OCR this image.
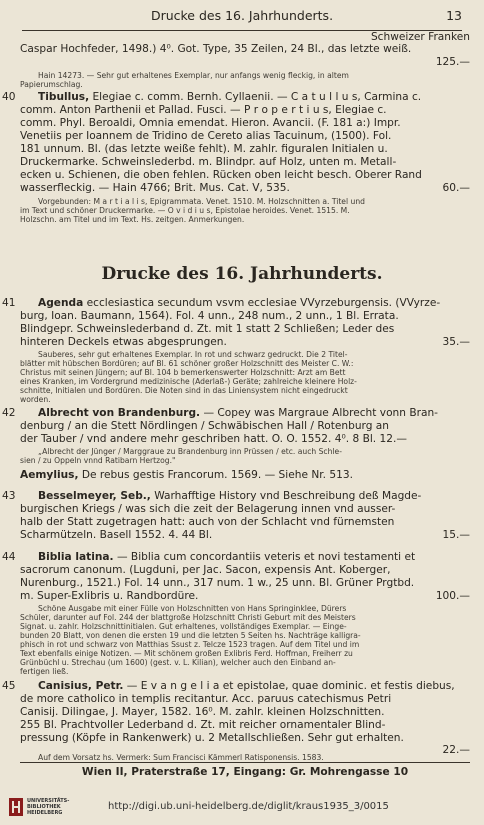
Drucke des 16. Jahrhunderts.	13
Schweizer Franken
Caspar Hochfeder, 1498.) 4⁰. Got. Type, 35 Zeilen, 24 Bl., das letzte weiß.
125.—
Hain 14273. — Sehr gut erhaltenes Exemplar, nur anfangs wenig fleckig, in altem
Papierumschlag.
40 Tibullus, Elegiae c. comm. Bernh. Cyllaenii. — C a t u l l u s, Carmina c.
comm. Anton Parthenii et Pallad. Fusci. — P r o p e r t i u s, Elegiae c.
comm. Phyl. Beroaldi, Omnia emendat. Hieron. Avancii. (F. 181 a:) Impr.
Venetiis per Ioannem de Tridino de Cereto alias Tacuinum, (1500). Fol.
181 unnum. Bl. (das letzte weiße fehlt). M. zahlr. figuralen Initialen u.
Druckermarke. Schweinslederbd. m. Blindpr. auf Holz, unten m. Metall-
ecken u. Schienen, die oben fehlen. Rücken oben leicht besch. Oberer Rand
wasserfleckig. — Hain 4766; Brit. Mus. Cat. V, 535.	60.—
Vorgebunden: M a r t i a l i s, Epigrammata. Venet. 1510. M. Holzschnitten a. Titel und
im Text und schöner Druckermarke. — O v i d i u s, Epistolae heroides. Venet. 1515. M.
Holzschn. am Titel und im Text. Hs. zeitgen. Anmerkungen.
Drucke des 16. Jahrhunderts.
41 Agenda ecclesiastica secundum vsvm ecclesiae VVyrzeburgensis. (VVyrze-
burg, Ioan. Baumann, 1564). Fol. 4 unn., 248 num., 2 unn., 1 Bl. Errata.
Blindgepr. Schweinslederband d. Zt. mit 1 statt 2 Schließen; Leder des
hinteren Deckels etwas abgesprungen.	35.—
Sauberes, sehr gut erhaltenes Exemplar. In rot und schwarz gedruckt. Die 2 Titel-
blätter mit hübschen Bordüren; auf Bl. 61 schöner großer Holzschnitt des Meister C. W.:
Christus mit seinen Jüngern; auf Bl. 104 b bemerkenswerter Holzschnitt: Arzt am Bett
eines Kranken, im Vordergrund medizinische (Aderlaß-) Geräte; zahlreiche kleinere Holz-
schnitte, Initialen und Bordüren. Die Noten sind in das Liniensystem nicht eingedruckt
worden.
42 Albrecht von Brandenburg. — Copey was Margraue Albrecht vonn Bran-
denburg / an die Stett Nördlingen / Schwäbischen Hall / Rotenburg an
der Tauber / vnd andere mehr geschriben hatt. O. O. 1552. 4⁰. 8 Bl. 12.—
„Albrecht der Jünger / Marggraue zu Brandenburg inn Prüssen / etc. auch Schle-
sien / zu Oppeln vnnd Ratibarn Hertzog."
Aemylius, De rebus gestis Francorum. 1569. — Siehe Nr. 513.
43 Besselmeyer, Seb., Warhafftige History vnd Beschreibung deß Magde-
burgischen Kriegs / was sich die zeit der Belagerung innen vnd ausser-
halb der Statt zugetragen hatt: auch von der Schlacht vnd fürnemsten
Scharmützeln. Basell 1552. 4. 44 Bl.	15.—
44 Biblia latina. — Biblia cum concordantiis veteris et novi testamenti et
sacrorum canonum. (Lugduni, per Jac. Sacon, expensis Ant. Koberger,
Nurenburg., 1521.) Fol. 14 unn., 317 num. 1 w., 25 unn. Bl. Grüner Prgtbd.
m. Super-Exlibris u. Randbordüre.	100.—
Schöne Ausgabe mit einer Fülle von Holzschnitten von Hans Springinklee, Dürers
Schüler, darunter auf Fol. 244 der blattgroße Holzschnitt Christi Geburt mit des Meisters
Signat. u. zahlr. Holzschnittinitialen. Gut erhaltenes, vollständiges Exemplar. — Einge-
bunden 20 Blatt, von denen die ersten 19 und die letzten 5 Seiten hs. Nachträge kalligra-
phisch in rot und schwarz von Matthias Ssust z. Telcze 1523 tragen. Auf dem Titel und im
Text ebenfalls einige Notizen. — Mit schönem großen Exlibris Ferd. Hoffman, Freiherr zu
Grünbüchl u. Strechau (um 1600) (gest. v. L. Kilian), welcher auch den Einband an-
fertigen ließ.
45 Canisius, Petr. — E v a n g e l i a et epistolae, quae dominic. et festis diebus,
de more catholico in templis recitantur. Acc. paruus catechismus Petri
Canisij. Dilingae, J. Mayer, 1582. 16⁰. M. zahlr. kleinen Holzschnitten.
255 Bl. Prachtvoller Lederband d. Zt. mit reicher ornamentaler Blind-
pressung (Köpfe in Rankenwerk) u. 2 Metallschließen. Sehr gut erhalten.
22.—
Auf dem Vorsatz hs. Vermerk: Sum Francisci Kämmerl Ratisponensis. 1583.
Wien II, Praterstraße 17, Eingang: Gr. Mohrengasse 10
UNIVERSITÄTS-
BIBLIOTHEK
HEIDELBERG
http://digi.ub.uni-heidelberg.de/diglit/kraus1935_3/0015
